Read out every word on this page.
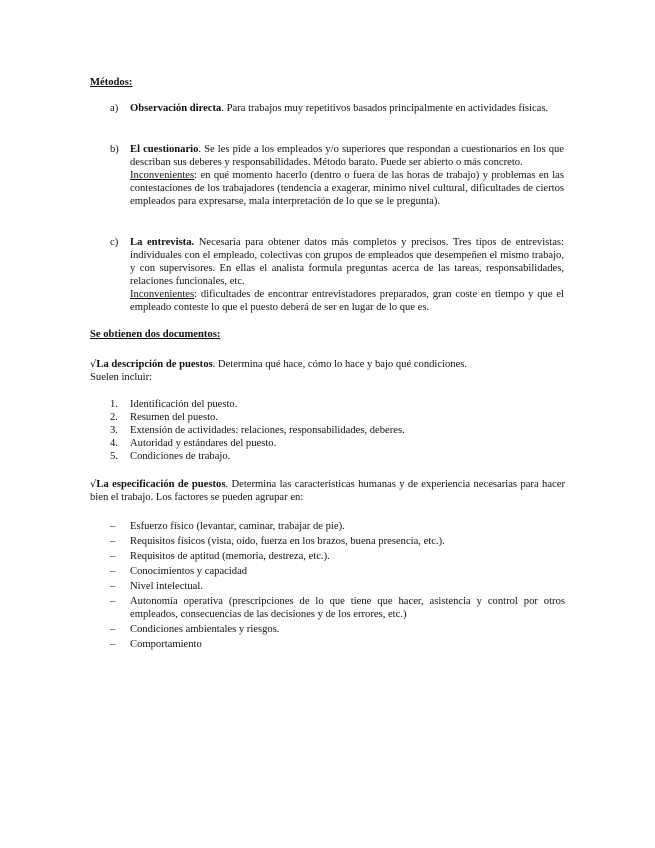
Métodos:
a) Observación directa. Para trabajos muy repetitivos basados principalmente en actividades físicas.
b) El cuestionario. Se les pide a los empleados y/o superiores que respondan a cuestionarios en los que describan sus deberes y responsabilidades. Método barato. Puede ser abierto o más concreto.
Inconvenientes: en qué momento hacerlo (dentro o fuera de las horas de trabajo) y problemas en las contestaciones de los trabajadores (tendencia a exagerar, mínimo nivel cultural, dificultades de ciertos empleados para expresarse, mala interpretación de lo que se le pregunta).
c) La entrevista. Necesaria para obtener datos más completos y precisos. Tres tipos de entrevistas: individuales con el empleado, colectivas con grupos de empleados que desempeñen el mismo trabajo, y con supervisores. En ellas el analista formula preguntas acerca de las tareas, responsabilidades, relaciones funcionales, etc.
Inconvenientes: dificultades de encontrar entrevistadores preparados, gran coste en tiempo y que el empleado conteste lo que el puesto deberá de ser en lugar de lo que es.
Se obtienen dos documentos:
√La descripción de puestos. Determina qué hace, cómo lo hace y bajo qué condiciones.
Suelen incluir:
1. Identificación del puesto.
2. Resumen del puesto.
3. Extensión de actividades: relaciones, responsabilidades, deberes.
4. Autoridad y estándares del puesto.
5. Condiciones de trabajo.
√La especificación de puestos. Determina las características humanas y de experiencia necesarias para hacer bien el trabajo. Los factores se pueden agrupar en:
– Esfuerzo físico (levantar, caminar, trabajar de pie).
– Requisitos físicos (vista, oído, fuerza en los brazos, buena presencia, etc.).
– Requisitos de aptitud (memoria, destreza, etc.).
– Conocimientos y capacidad
– Nivel intelectual.
– Autonomía operativa (prescripciones de lo que tiene que hacer, asistencia y control por otros empleados, consecuencias de las decisiones y de los errores, etc.)
– Condiciones ambientales y riesgos.
– Comportamiento
